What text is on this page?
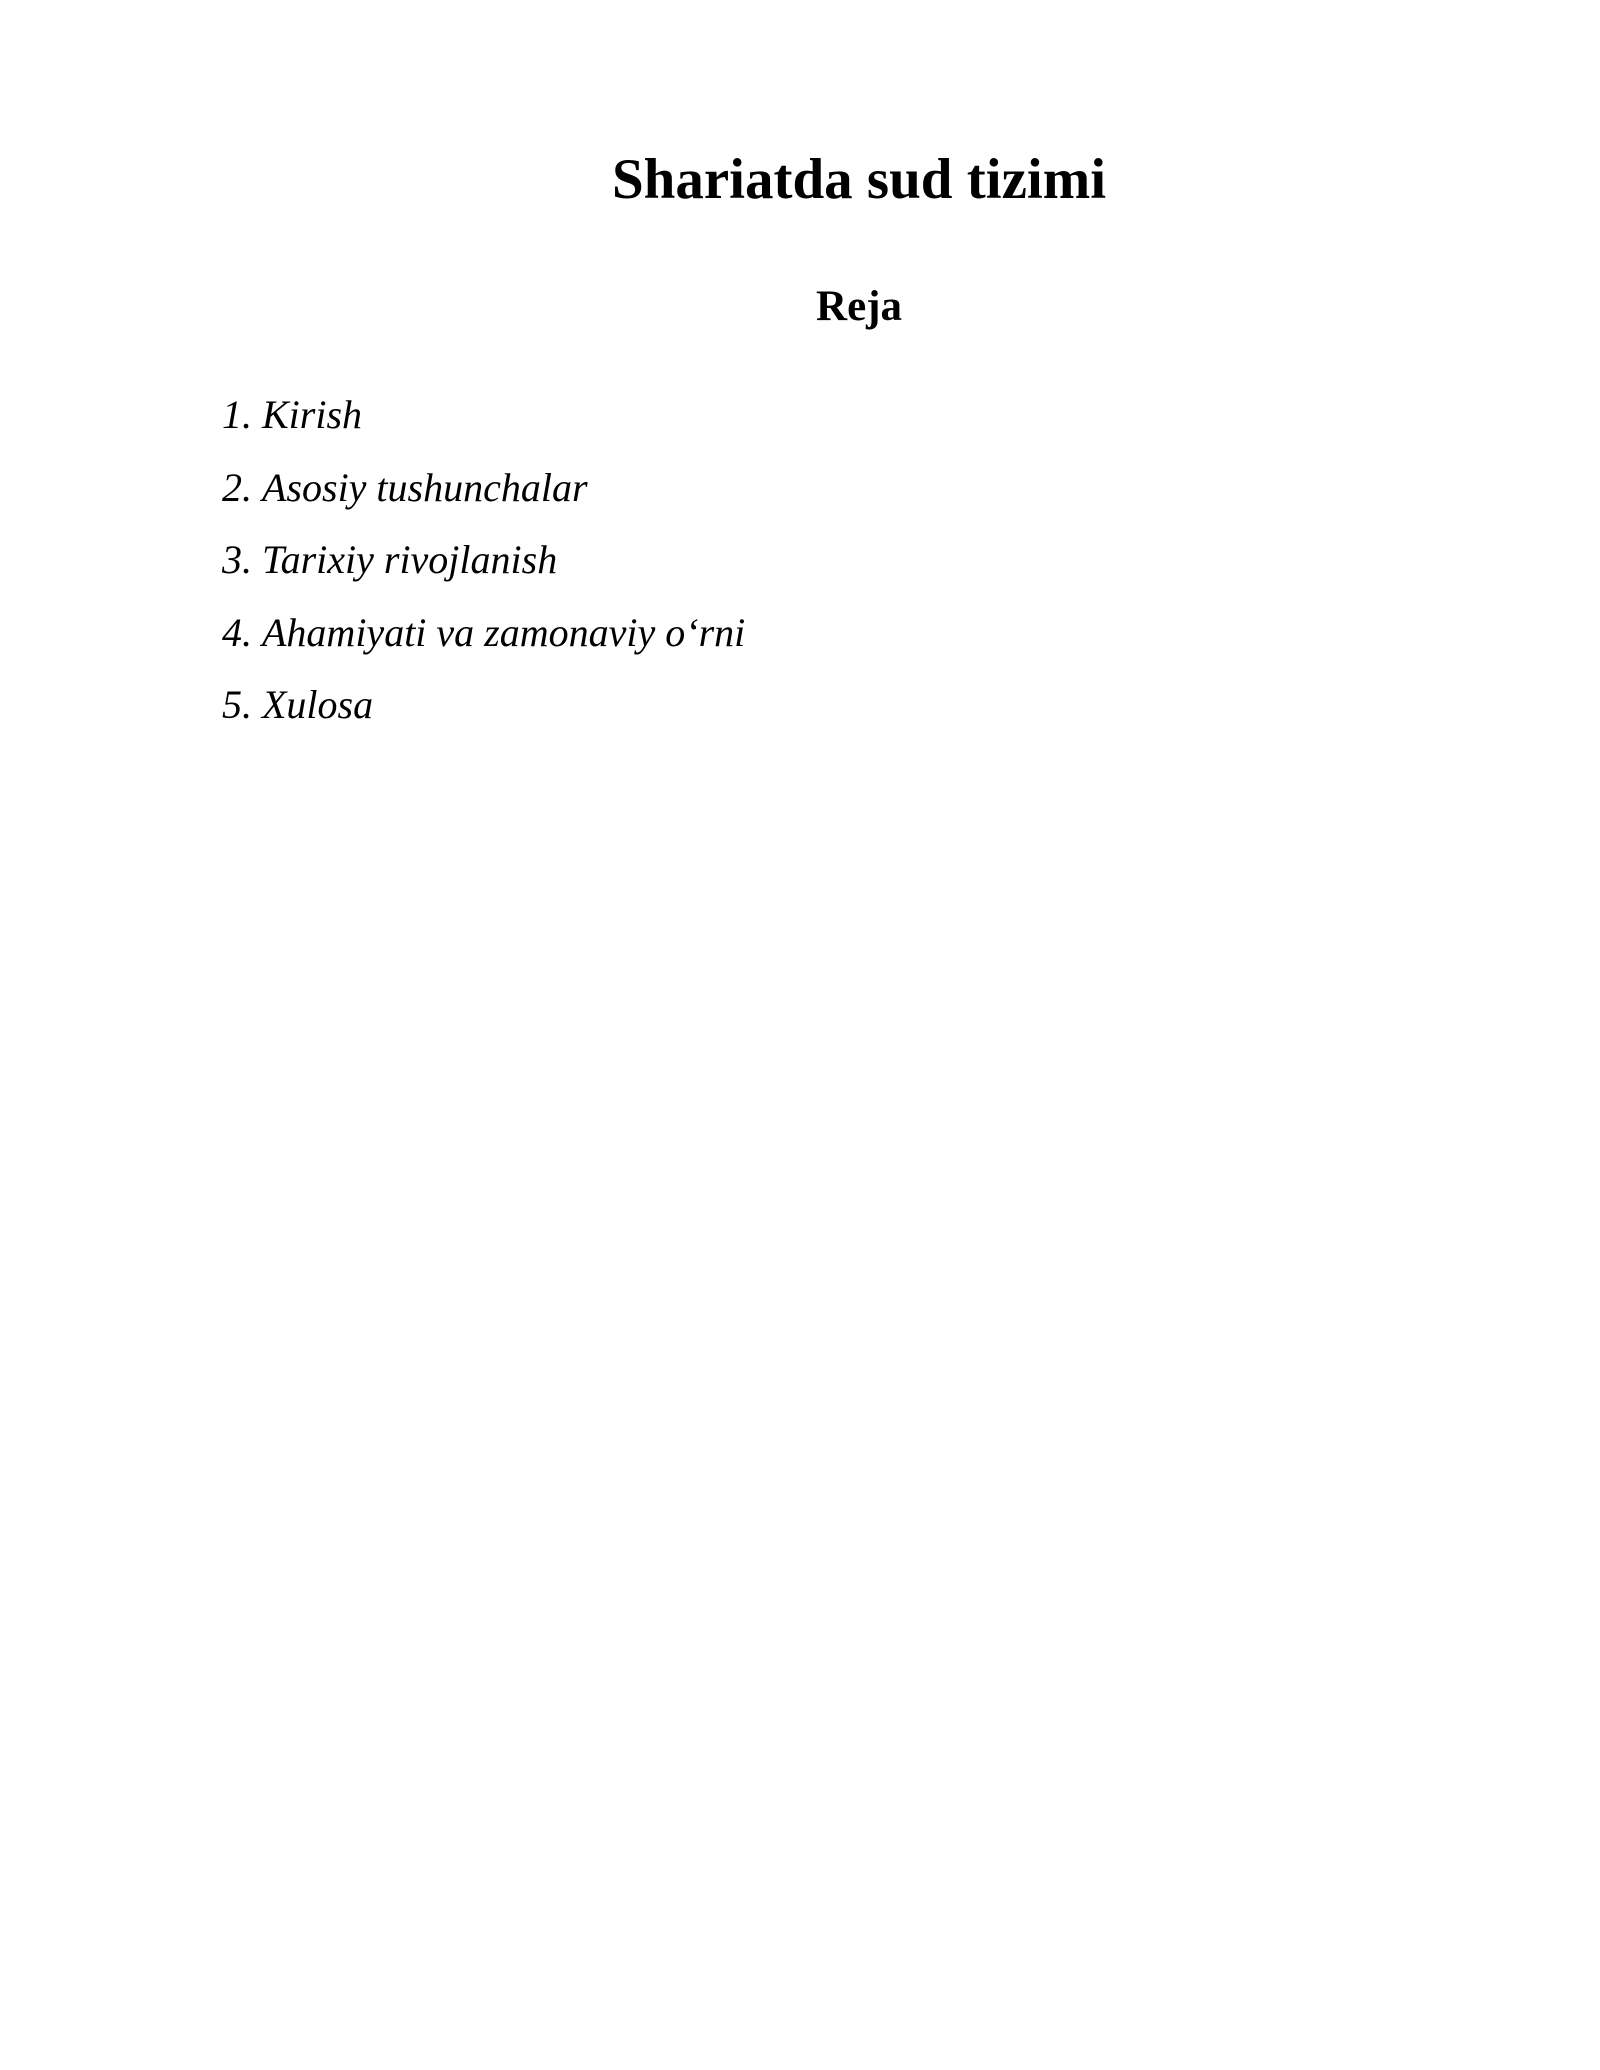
Shariatda sud tizimi
Reja
1. Kirish
2. Asosiy tushunchalar
3. Tarixiy rivojlanish
4. Ahamiyati va zamonaviy o‘rni
5. Xulosa
